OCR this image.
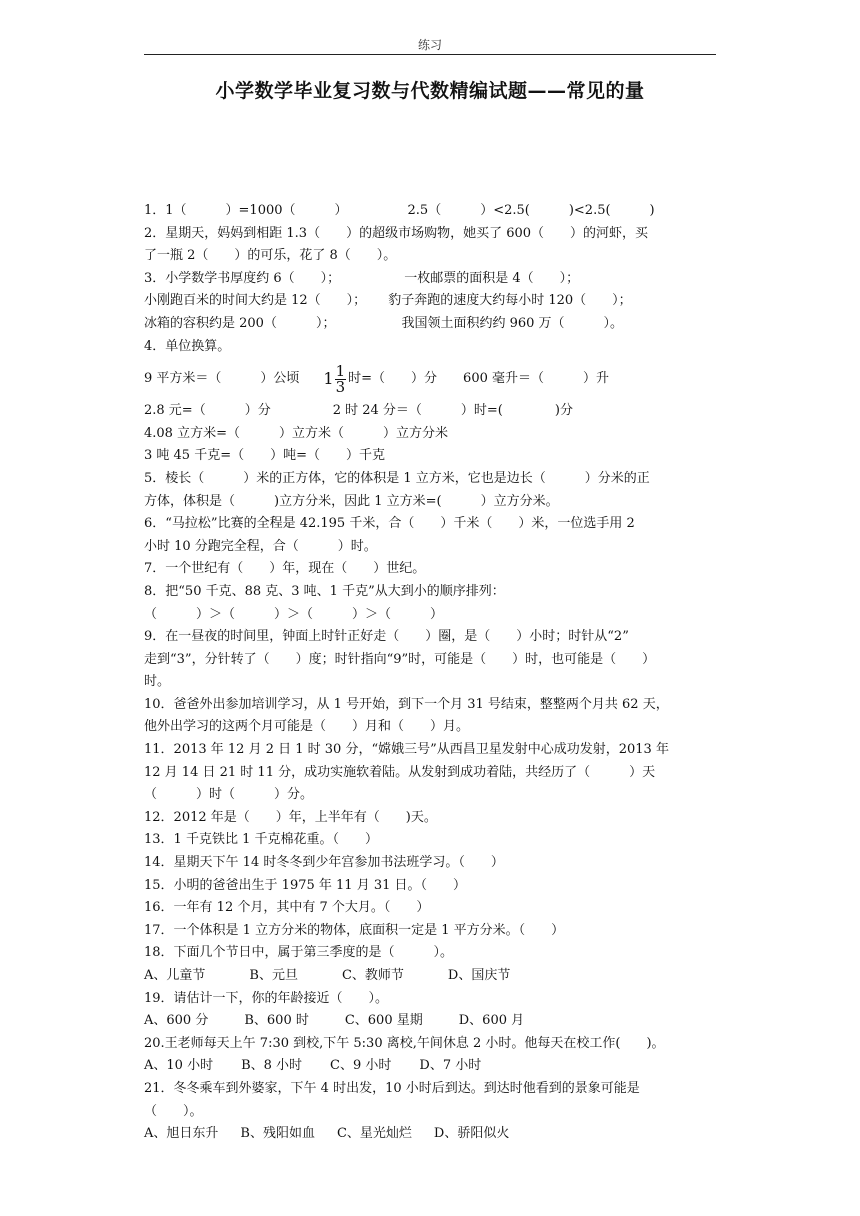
练习
小学数学毕业复习数与代数精编试题——常见的量
1．1（　　　）=1000（　　　）	2.5（　　　）<2.5(　　　)<2.5(　　　)
2．星期天，妈妈到相距 1.3（　　）的超级市场购物，她买了 600（　　）的河虾，买
了一瓶 2（　　）的可乐，花了 8（　　）。
3．小学数学书厚度约 6（　　）；	一枚邮票的面积是 4（　　）；
小刚跑百米的时间大约是 12（　　）； 豹子奔跑的速度大约每小时 120（　　）；
冰箱的容积约是 200（　　　）；	我国领土面积约约 960 万（　　　）。
4．单位换算。
9 平方米＝（　　　）公顷 $1 \frac{1}{3}$ 时=（　　）分 600 毫升＝（　　　）升
2.8 元=（　　　）分	2 时 24 分＝（　　　）时=(　　　　)分
4.08 立方米=（　　　）立方米（　　　）立方分米
3 吨 45 千克=（　　）吨=（　　）千克
5．棱长（　　　）米的正方体，它的体积是 1 立方米，它也是边长（　　　）分米的正
方体，体积是（　　　)立方分米，因此 1 立方米=(　　　）立方分米。
6．“马拉松”比赛的全程是 42.195 千米，合（　　）千米（　　）米，一位选手用 2
小时 10 分跑完全程，合（　　　）时。
7．一个世纪有（　　）年，现在（　　）世纪。
8．把“50 千克、88 克、3 吨、1 千克”从大到小的顺序排列：
（　　　）＞（　　　）＞（　　　）＞（　　　）
9．在一昼夜的时间里，钟面上时针正好走（　　）圈，是（　　）小时；时针从“2”
走到“3”，分针转了（　　）度；时针指向“9”时，可能是（　　）时，也可能是（　　）
时。
10．爸爸外出参加培训学习，从 1 号开始，到下一个月 31 号结束，整整两个月共 62 天，
他外出学习的这两个月可能是（　　）月和（　　）月。
11．2013 年 12 月 2 日 1 时 30 分，“嫦娥三号”从西昌卫星发射中心成功发射，2013 年
12 月 14 日 21 时 11 分，成功实施软着陆。从发射到成功着陆，共经历了（　　　）天
（　　　）时（　　　）分。
12．2012 年是（　　）年，上半年有（　　)天。
13．1 千克铁比 1 千克棉花重。（　　）
14．星期天下午 14 时冬冬到少年宫参加书法班学习。（　　）
15．小明的爸爸出生于 1975 年 11 月 31 日。（　　）
16．一年有 12 个月，其中有 7 个大月。（　　）
17．一个体积是 1 立方分米的物体，底面积一定是 1 平方分米。（　　）
18．下面几个节日中，属于第三季度的是（　　　）。
A、儿童节	B、元旦	C、教师节	D、国庆节
19．请估计一下，你的年龄接近（　　）。
A、600 分	B、600 时	C、600 星期	D、600 月
20.王老师每天上午 7:30 到校,下午 5:30 离校,午间休息 2 小时。他每天在校工作(　　)。
A、10 小时 B、8 小时 C、9 小时 D、7 小时
21．冬冬乘车到外婆家，下午 4 时出发，10 小时后到达。到达时他看到的景象可能是
（　　）。
A、旭日东升 B、残阳如血 C、星光灿烂 D、骄阳似火
